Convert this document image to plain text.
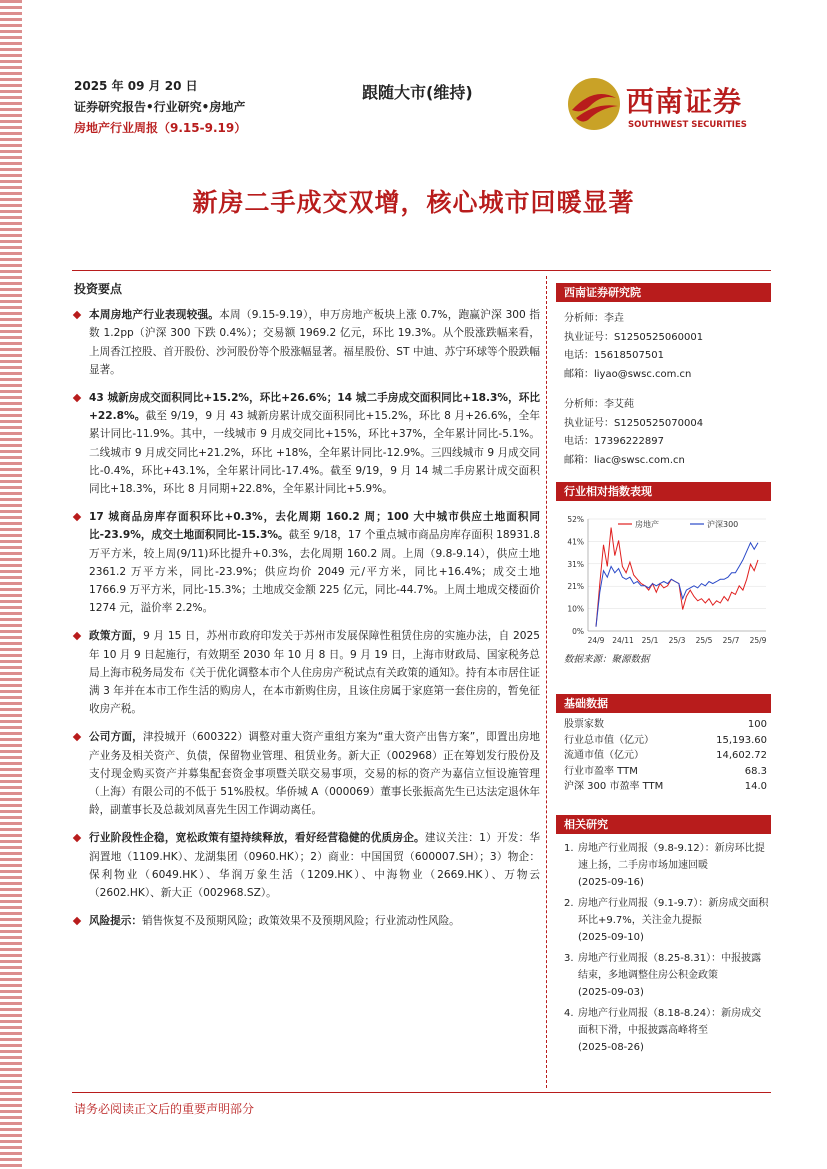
2025 年 09 月 20 日
证券研究报告•行业研究•房地产
房地产行业周报（9.15-9.19）
跟随大市(维持)	西南证券
SOUTHWEST SECURITIES
新房二手成交双增，核心城市回暖显著
投资要点
本周房地产行业表现较强。本周（9.15-9.19），申万房地产板块上涨 0.7%，跑赢沪深 300 指数 1.2pp（沪深 300 下跌 0.4%）；交易额 1969.2 亿元，环比 19.3%。从个股涨跌幅来看，上周香江控股、首开股份、沙河股份等个股涨幅显著。福星股份、ST 中迪、苏宁环球等个股跌幅显著。
43 城新房成交面积同比+15.2%，环比+26.6%；14 城二手房成交面积同比+18.3%，环比+22.8%。截至 9/19，9 月 43 城新房累计成交面积同比+15.2%，环比 8 月+26.6%，全年累计同比-11.9%。其中，一线城市 9 月成交同比+15%，环比+37%，全年累计同比-5.1%。二线城市 9 月成交同比+21.2%，环比 +18%，全年累计同比-12.9%。三四线城市 9 月成交同比-0.4%，环比+43.1%，全年累计同比-17.4%。截至 9/19，9 月 14 城二手房累计成交面积同比+18.3%，环比 8 月同期+22.8%，全年累计同比+5.9%。
17 城商品房库存面积环比+0.3%，去化周期 160.2 周；100 大中城市供应土地面积同比-23.9%，成交土地面积同比-15.3%。截至 9/18，17 个重点城市商品房库存面积 18931.8 万平方米，较上周(9/11)环比提升+0.3%，去化周期 160.2 周。上周（9.8-9.14），供应土地 2361.2 万平方米，同比-23.9%；供应均价 2049 元/平方米，同比+16.4%；成交土地 1766.9 万平方米，同比-15.3%；土地成交金额 225 亿元，同比-44.7%。上周土地成交楼面价 1274 元，溢价率 2.2%。
政策方面，9 月 15 日，苏州市政府印发关于苏州市发展保障性租赁住房的实施办法，自 2025 年 10 月 9 日起施行，有效期至 2030 年 10 月 8 日。9 月 19 日，上海市财政局、国家税务总局上海市税务局发布《关于优化调整本市个人住房房产税试点有关政策的通知》。持有本市居住证满 3 年并在本市工作生活的购房人，在本市新购住房，且该住房属于家庭第一套住房的，暂免征收房产税。
公司方面，津投城开（600322）调整对重大资产重组方案为“重大资产出售方案”，即置出房地产业务及相关资产、负债，保留物业管理、租赁业务。新大正（002968）正在筹划发行股份及支付现金购买资产并募集配套资金事项暨关联交易事项，交易的标的资产为嘉信立恒设施管理（上海）有限公司的不低于 51%股权。华侨城 A（000069）董事长张振高先生已达法定退休年龄，副董事长及总裁刘凤喜先生因工作调动离任。
行业阶段性企稳，宽松政策有望持续释放，看好经营稳健的优质房企。建议关注：1）开发：华润置地（1109.HK）、龙湖集团（0960.HK）；2）商业：中国国贸（600007.SH）；3）物企：保利物业（6049.HK）、华润万象生活（1209.HK）、中海物业（2669.HK）、万物云（2602.HK）、新大正（002968.SZ）。
风险提示：销售恢复不及预期风险；政策效果不及预期风险；行业流动性风险。
西南证券研究院
分析师：李垚
执业证号：S1250525060001
电话：15618507501
邮箱：liyao@swsc.com.cn
分析师：李艾莼
执业证号：S1250525070004
电话：17396222897
邮箱：liac@swsc.com.cn
行业相对指数表现
52%
41%
31%
21%
10%
0%
24/9 24/11 25/1 25/3 25/5 25/7 25/9
房地产	沪深300
数据来源：聚源数据
基础数据
股票家数	100
行业总市值（亿元）	15,193.60
流通市值（亿元）	14,602.72
行业市盈率 TTM	68.3
沪深 300 市盈率 TTM	14.0
相关研究
1. 房地产行业周报（9.8-9.12）：新房环比提速上扬，二手房市场加速回暖
(2025-09-16)
2. 房地产行业周报（9.1-9.7）：新房成交面积环比+9.7%，关注金九提振
(2025-09-10)
3. 房地产行业周报（8.25-8.31）：中报披露结束，多地调整住房公积金政策
(2025-09-03)
4. 房地产行业周报（8.18-8.24）：新房成交面积下滑，中报披露高峰将至
(2025-08-26)
请务必阅读正文后的重要声明部分
